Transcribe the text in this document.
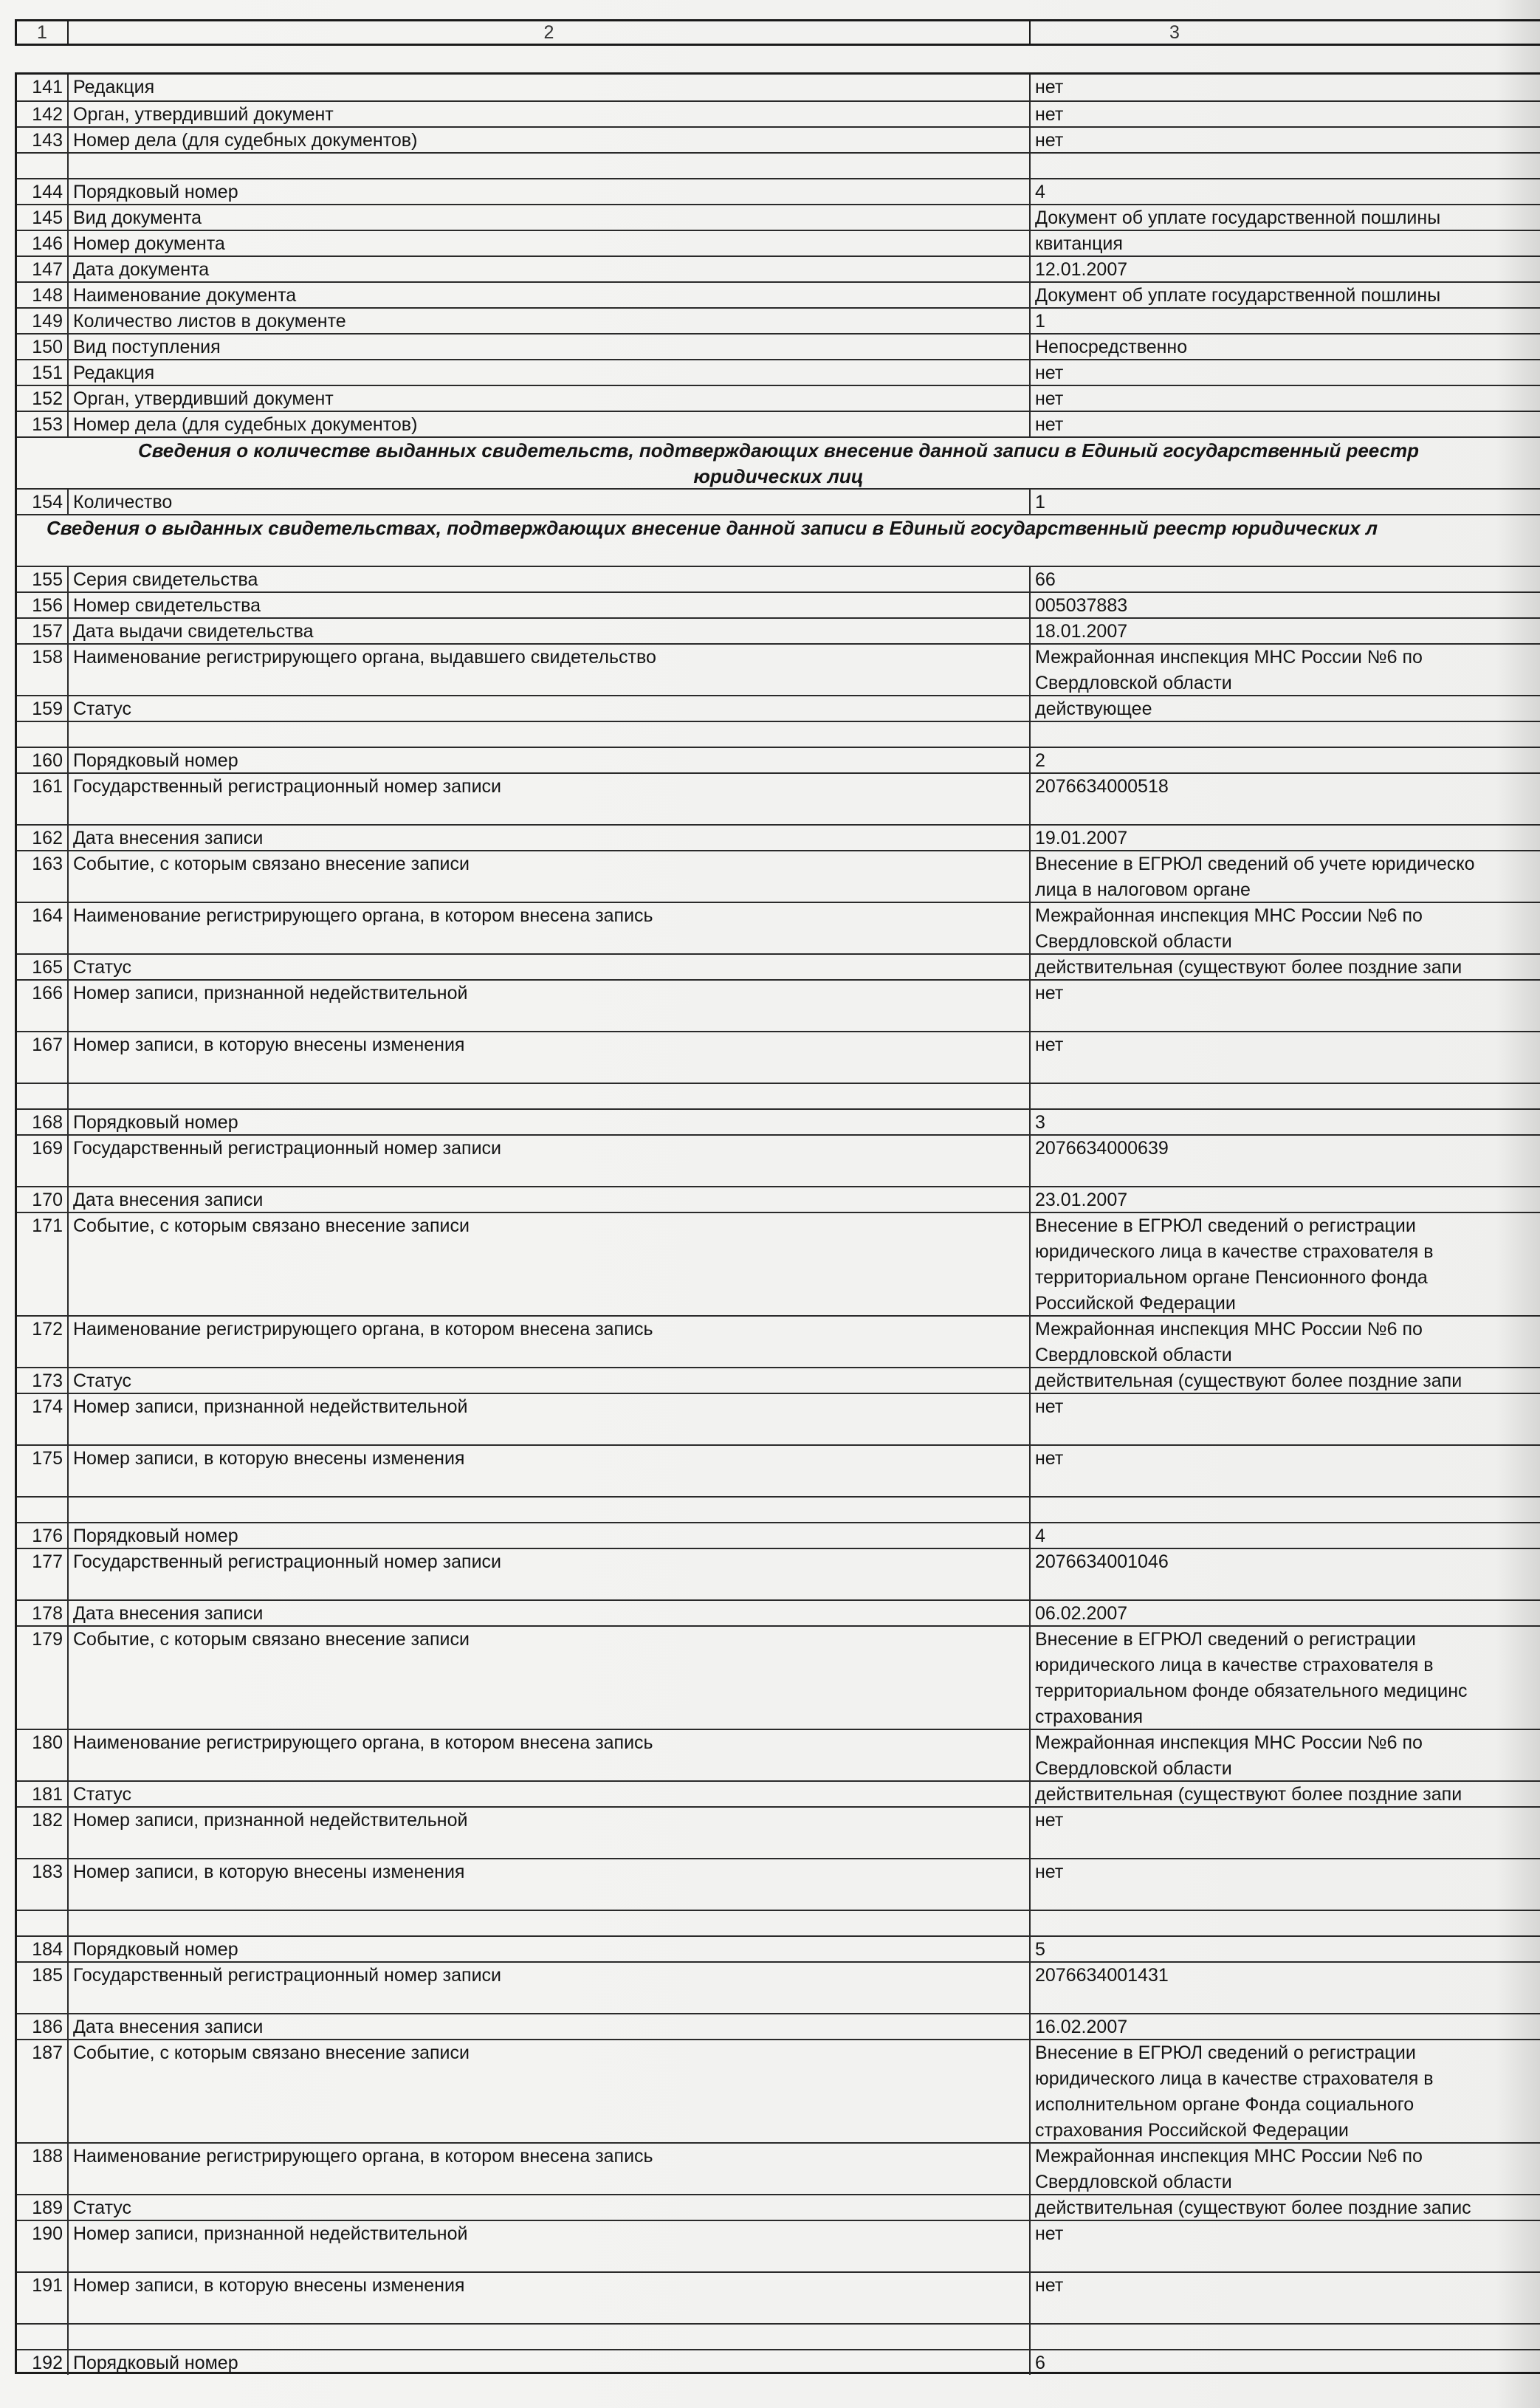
1	2	3
141 Редакция	нет
142 Орган, утвердивший документ	нет
143 Номер дела (для судебных документов)	нет
144 Порядковый номер	4
145 Вид документа	Документ об уплате государственной пошлины
146 Номер документа	квитанция
147 Дата документа	12.01.2007
148 Наименование документа	Документ об уплате государственной пошлины
149 Количество листов в документе	1
150 Вид поступления	Непосредственно
151 Редакция	нет
152 Орган, утвердивший документ	нет
153 Номер дела (для судебных документов)	нет
Сведения о количестве выданных свидетельств, подтверждающих внесение данной записи в Единый государственный реестр
юридических лиц
154 Количество	1
Сведения о выданных свидетельствах, подтверждающих внесение данной записи в Единый государственный реестр юридических л
155 Серия свидетельства	66
156 Номер свидетельства	005037883
157 Дата выдачи свидетельства	18.01.2007
158 Наименование регистрирующего органа, выдавшего свидетельство	Межрайонная инспекция МНС России №6 по
Свердловской области
159 Статус	действующее
160 Порядковый номер	2
161 Государственный регистрационный номер записи	2076634000518
162 Дата внесения записи	19.01.2007
163 Событие, с которым связано внесение записи	Внесение в ЕГРЮЛ сведений об учете юридическо
лица в налоговом органе
164 Наименование регистрирующего органа, в котором внесена запись	Межрайонная инспекция МНС России №6 по
Свердловской области
165 Статус	действительная (существуют более поздние запи
166 Номер записи, признанной недействительной	нет
167 Номер записи, в которую внесены изменения	нет
168 Порядковый номер	3
169 Государственный регистрационный номер записи	2076634000639
170 Дата внесения записи	23.01.2007
171 Событие, с которым связано внесение записи	Внесение в ЕГРЮЛ сведений о регистрации
юридического лица в качестве страхователя в
территориальном органе Пенсионного фонда
Российской Федерации
172 Наименование регистрирующего органа, в котором внесена запись	Межрайонная инспекция МНС России №6 по
Свердловской области
173 Статус	действительная (существуют более поздние запи
174 Номер записи, признанной недействительной	нет
175 Номер записи, в которую внесены изменения	нет
176 Порядковый номер	4
177 Государственный регистрационный номер записи	2076634001046
178 Дата внесения записи	06.02.2007
179 Событие, с которым связано внесение записи	Внесение в ЕГРЮЛ сведений о регистрации
юридического лица в качестве страхователя в
территориальном фонде обязательного медицинс
страхования
180 Наименование регистрирующего органа, в котором внесена запись	Межрайонная инспекция МНС России №6 по
Свердловской области
181 Статус	действительная (существуют более поздние запи
182 Номер записи, признанной недействительной	нет
183 Номер записи, в которую внесены изменения	нет
184 Порядковый номер	5
185 Государственный регистрационный номер записи	2076634001431
186 Дата внесения записи	16.02.2007
187 Событие, с которым связано внесение записи	Внесение в ЕГРЮЛ сведений о регистрации
юридического лица в качестве страхователя в
исполнительном органе Фонда социального
страхования Российской Федерации
188 Наименование регистрирующего органа, в котором внесена запись	Межрайонная инспекция МНС России №6 по
Свердловской области
189 Статус	действительная (существуют более поздние запис
190 Номер записи, признанной недействительной	нет
191 Номер записи, в которую внесены изменения	нет
192 Порядковый номер	6
